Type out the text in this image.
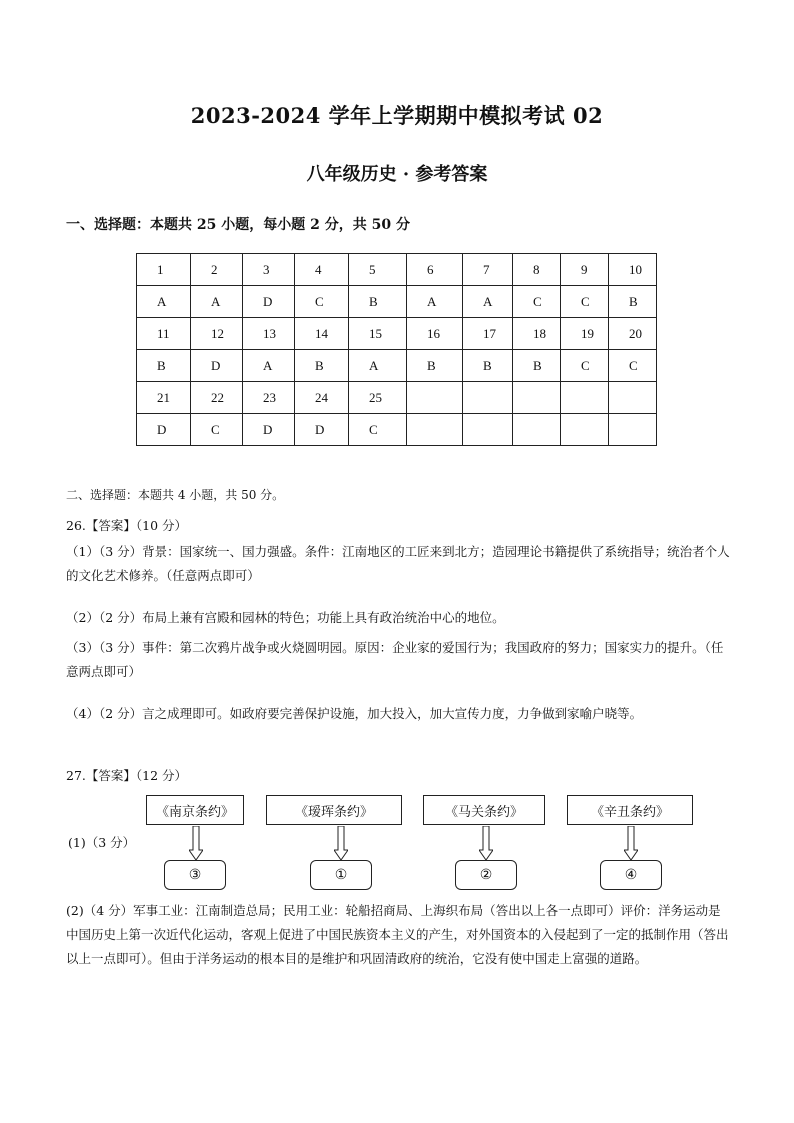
2023-2024 学年上学期期中模拟考试 02
八年级历史 · 参考答案
一、选择题：本题共 25 小题，每小题 2 分，共 50 分
1	2	3	4	5	6	7	8	9	10
A	A	D	C	B	A	A	C	C	B
11	12	13	14	15	16	17	18	19	20
B	D	A	B	A	B	B	B	C	C
21	22	23	24	25					
D	C	D	D	C					
二、选择题：本题共 4 小题，共 50 分。
26.【答案】（10 分）
（1）（3 分）背景：国家统一、国力强盛。条件：江南地区的工匠来到北方；造园理论书籍提供了系统指导；统治者个人的文化艺术修养。（任意两点即可）
（2）（2 分）布局上兼有宫殿和园林的特色；功能上具有政治统治中心的地位。
（3）（3 分）事件：第二次鸦片战争或火烧圆明园。原因：企业家的爱国行为；我国政府的努力；国家实力的提升。（任意两点即可）
（4）（2 分）言之成理即可。如政府要完善保护设施，加大投入，加大宣传力度，力争做到家喻户晓等。
27.【答案】（12 分）
(1)（3 分）
《南京条约》	《瑷珲条约》	《马关条约》	《辛丑条约》
③	①	②	④
(2)（4 分）军事工业：江南制造总局；民用工业：轮船招商局、上海织布局（答出以上各一点即可）评价：洋务运动是中国历史上第一次近代化运动，客观上促进了中国民族资本主义的产生，对外国资本的入侵起到了一定的抵制作用（答出以上一点即可）。但由于洋务运动的根本目的是维护和巩固清政府的统治，它没有使中国走上富强的道路。
